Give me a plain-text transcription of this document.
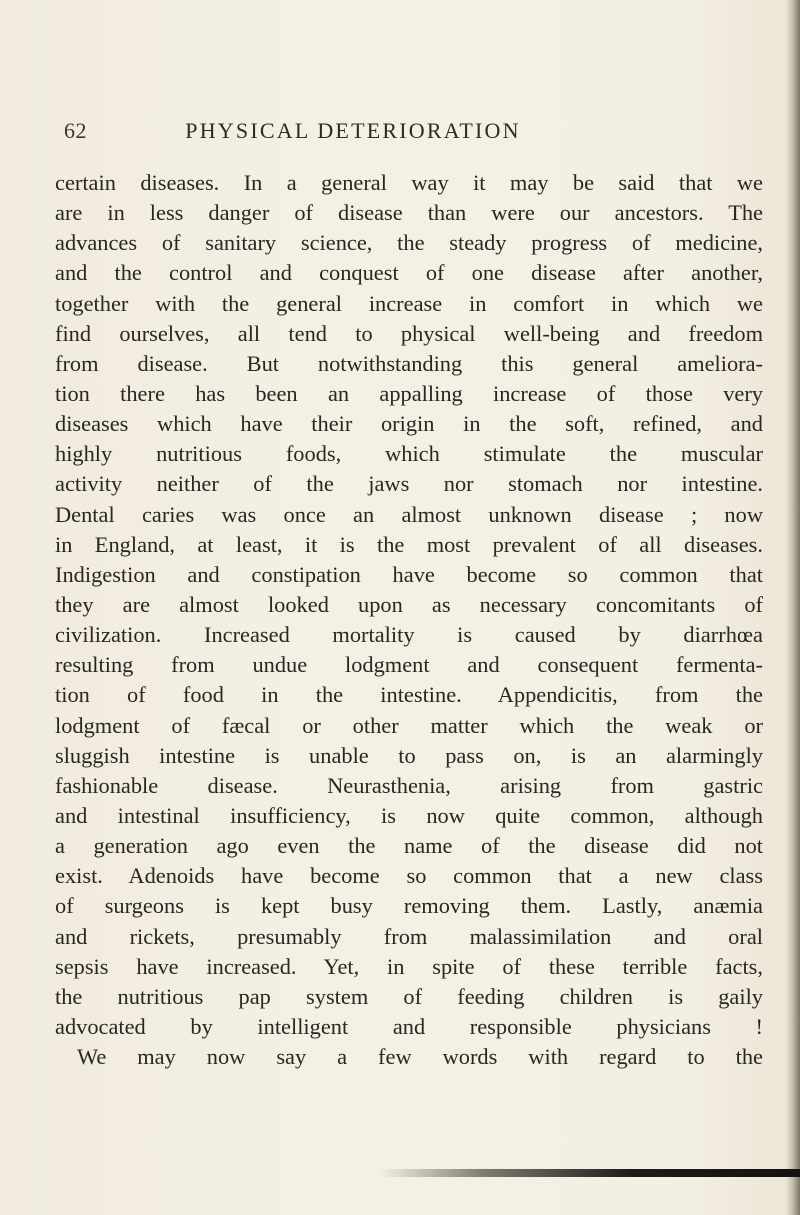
62	PHYSICAL DETERIORATION
certain diseases. In a general way it may be said that we
are in less danger of disease than were our ancestors. The
advances of sanitary science, the steady progress of medicine,
and the control and conquest of one disease after another,
together with the general increase in comfort in which we
find ourselves, all tend to physical well-being and freedom
from disease. But notwithstanding this general ameliora-
tion there has been an appalling increase of those very
diseases which have their origin in the soft, refined, and
highly nutritious foods, which stimulate the muscular
activity neither of the jaws nor stomach nor intestine.
Dental caries was once an almost unknown disease ; now
in England, at least, it is the most prevalent of all diseases.
Indigestion and constipation have become so common that
they are almost looked upon as necessary concomitants of
civilization. Increased mortality is caused by diarrhœa
resulting from undue lodgment and consequent fermenta-
tion of food in the intestine. Appendicitis, from the
lodgment of fæcal or other matter which the weak or
sluggish intestine is unable to pass on, is an alarmingly
fashionable disease. Neurasthenia, arising from gastric
and intestinal insufficiency, is now quite common, although
a generation ago even the name of the disease did not
exist. Adenoids have become so common that a new class
of surgeons is kept busy removing them. Lastly, anæmia
and rickets, presumably from malassimilation and oral
sepsis have increased. Yet, in spite of these terrible facts,
the nutritious pap system of feeding children is gaily
advocated by intelligent and responsible physicians !
We may now say a few words with regard to the
